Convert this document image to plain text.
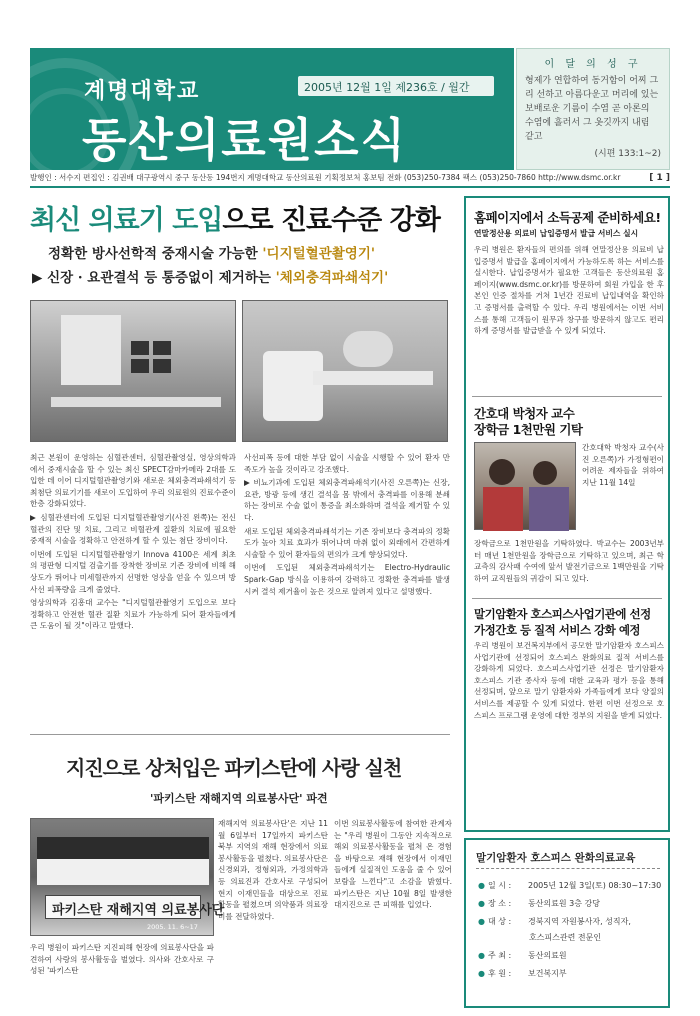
계명대학교
동산의료원소식
2005년 12월 1일 제236호 / 월간
이 달 의 성 구
형제가 연합하여 동거함이 어찌 그리 선하고 아름다운고 머리에 있는 보배로운 기름이 수염 곧 아론의 수염에 흘러서 그 옷깃까지 내림 같고
(시편 133:1~2)
발행인 : 서수지 편집인 : 김권배 대구광역시 중구 동산동 194번지 계명대학교 동산의료원 기획정보처 홍보팀 전화 (053)250-7384 팩스 (053)250-7860 http://www.dsmc.or.kr	[ 1 ]
최신 의료기 도입으로 진료수준 강화
정확한 방사선학적 중재시술 가능한 '디지털혈관촬영기'
▶ 신장 · 요관결석 등 통증없이 제거하는 '체외충격파쇄석기'

최근 본원이 운영하는 심혈관센터, 심혈관촬영실, 영상의학과에서 중재시술을 할 수 있는 최신 SPECT감마카메라 2대를 도입한 데 이어 디지털혈관촬영기와 새로운 체외충격파쇄석기 등 최첨단 의료기기를 새로이 도입하여 우리 의료원의 진료수준이 한층 강화되었다.

▶ 심혈관센터에 도입된 디지털혈관촬영기(사진 왼쪽)는 전신 혈관의 진단 및 치료, 그리고 비혈관계 질환의 치료에 필요한 중재적 시술을 정확하고 안전하게 할 수 있는 첨단 장비이다.

이번에 도입된 디지털혈관촬영기 Innova 4100은 세계 최초의 평판형 디지털 검출기를 장착한 장비로 기존 장비에 비해 해상도가 뛰어나 미세혈관까지 선명한 영상을 얻을 수 있으며 방사선 피폭량을 크게 줄였다.

영상의학과 김흥대 교수는 "디지털혈관촬영기 도입으로 보다 정확하고 안전한 혈관 질환 치료가 가능하게 되어 환자들에게 큰 도움이 될 것"이라고 말했다.

사선피폭 등에 대한 부담 없이 시술을 시행할 수 있어 환자 만족도가 높을 것이라고 강조했다.

▶ 비뇨기과에 도입된 체외충격파쇄석기(사진 오른쪽)는 신장, 요관, 방광 등에 생긴 결석을 몸 밖에서 충격파를 이용해 분쇄하는 장비로 수술 없이 통증을 최소화하며 결석을 제거할 수 있다.

새로 도입된 체외충격파쇄석기는 기존 장비보다 충격파의 정확도가 높아 치료 효과가 뛰어나며 마취 없이 외래에서 간편하게 시술할 수 있어 환자들의 편의가 크게 향상되었다.

이번에 도입된 체외충격파쇄석기는 Electro-Hydraulic Spark-Gap 방식을 이용하여 강력하고 정확한 충격파를 발생시켜 결석 제거율이 높은 것으로 알려져 있다고 설명했다.

홈페이지에서 소득공제 준비하세요!
연말정산용 의료비 납입증명서 발급 서비스 실시
우리 병원은 환자들의 편의를 위해 연말정산용 의료비 납입증명서 발급을 홈페이지에서 가능하도록 하는 서비스를 실시한다. 납입증명서가 필요한 고객들은 동산의료원 홈페이지(www.dsmc.or.kr)를 방문하여 회원 가입을 한 후 본인 인증 절차를 거쳐 1년간 진료비 납입내역을 확인하고 증명서를 출력할 수 있다. 우리 병원에서는 이번 서비스를 통해 고객들이 원무과 창구를 방문하지 않고도 편리하게 증명서를 발급받을 수 있게 되었다.
간호대 박청자 교수
장학금 1천만원 기탁
간호대학 박청자 교수(사진 오른쪽)가 가정형편이 어려운 제자들을 위하여 지난 11월 14일
장학금으로 1천만원을 기탁하였다. 박교수는 2003년부터 매년 1천만원을 장학금으로 기탁하고 있으며, 최근 학교측의 감사패 수여에 앞서 발전기금으로 1백만원을 기탁하여 교직원들의 귀감이 되고 있다.
말기암환자 호스피스사업기관에 선정
가정간호 등 질적 서비스 강화 예정
우리 병원이 보건복지부에서 공모한 말기암환자 호스피스사업기관에 선정되어 호스피스 완화의료 질적 서비스를 강화하게 되었다. 호스피스사업기관 선정은 말기암환자 호스피스 기관 종사자 등에 대한 교육과 평가 등을 통해 선정되며, 앞으로 말기 암환자와 가족들에게 보다 양질의 서비스를 제공할 수 있게 되었다. 한편 이번 선정으로 호스피스 프로그램 운영에 대한 정부의 지원을 받게 되었다.
지진으로 상처입은 파키스탄에 사랑 실천
'파키스탄 재해지역 의료봉사단' 파견
파키스탄 재해지역 의료봉사단
2005. 11. 6~17
우리 병원이 파키스탄 지진피해 현장에 의료봉사단을 파견하여 사랑의 봉사활동을 벌였다. 의사와 간호사로 구성된 '파키스탄
재해지역 의료봉사단'은 지난 11월 6일부터 17일까지 파키스탄 북부 지역의 재해 현장에서 의료봉사활동을 펼쳤다. 의료봉사단은 신경외과, 정형외과, 가정의학과 등 의료진과 간호사로 구성되어 현지 이재민들을 대상으로 진료 활동을 펼쳤으며 의약품과 의료장비를 전달하였다.
이번 의료봉사활동에 참여한 관계자는 "우리 병원이 그동안 지속적으로 해외 의료봉사활동을 펼쳐 온 경험을 바탕으로 재해 현장에서 이재민들에게 실질적인 도움을 줄 수 있어 보람을 느낀다"고 소감을 밝혔다. 파키스탄은 지난 10월 8일 발생한 대지진으로 큰 피해를 입었다.
말기암환자 호스피스 완화의료교육
● 일 시 : 2005년 12월 3일(토) 08:30~17:30
● 장 소 : 동산의료원 3층 강당
● 대 상 : 경북지역 자원봉사자, 성직자,
호스피스관련 전문인
● 주 최 : 동산의료원
● 후 원 : 보건복지부
